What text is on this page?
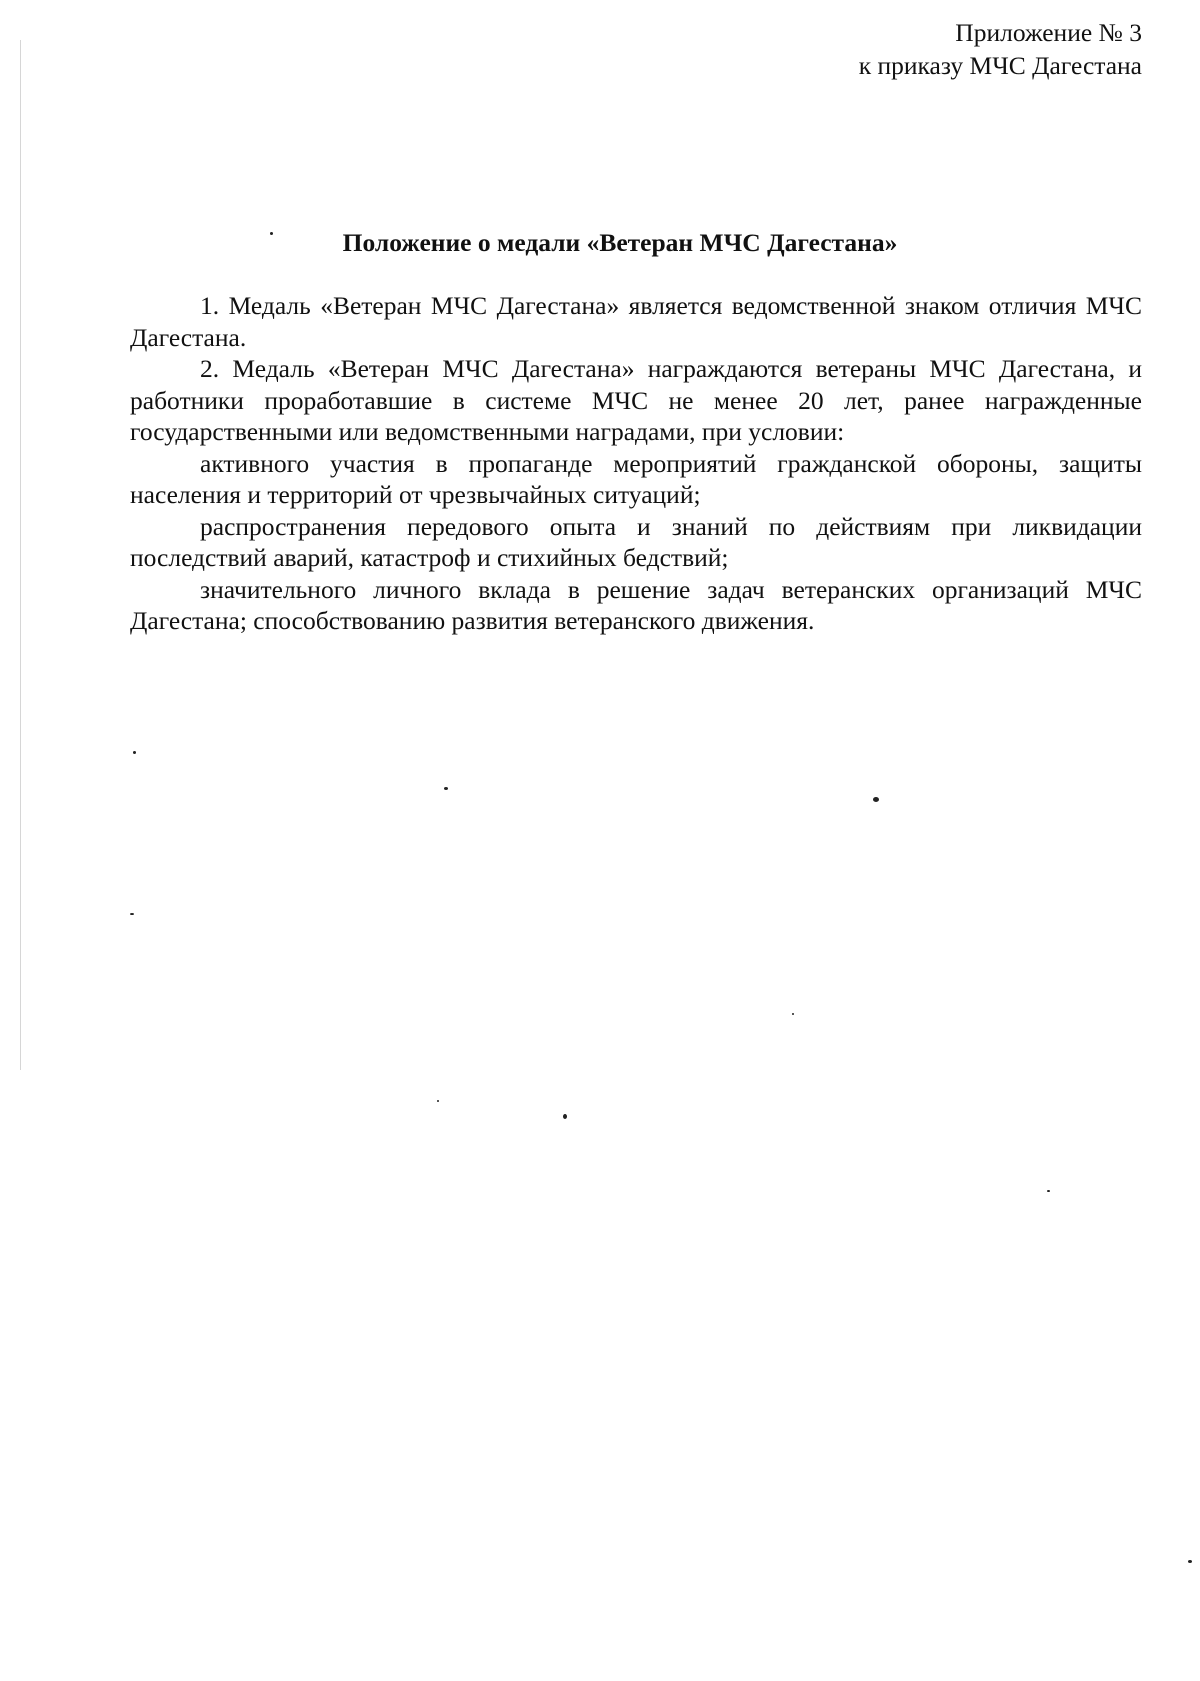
Приложение № 3
к приказу МЧС Дагестана
Положение о медали «Ветеран МЧС Дагестана»

1. Медаль «Ветеран МЧС Дагестана» является ведомственной знаком отличия МЧС Дагестана.

2. Медаль «Ветеран МЧС Дагестана» награждаются ветераны МЧС Дагестана, и работники проработавшие в системе МЧС не менее 20 лет, ранее награжденные государственными или ведомственными наградами, при условии:

активного участия в пропаганде мероприятий гражданской обороны, защиты населения и территорий от чрезвычайных ситуаций;

распространения передового опыта и знаний по действиям при ликвидации последствий аварий, катастроф и стихийных бедствий;

значительного личного вклада в решение задач ветеранских организаций МЧС Дагестана; способствованию развития ветеранского движения.
